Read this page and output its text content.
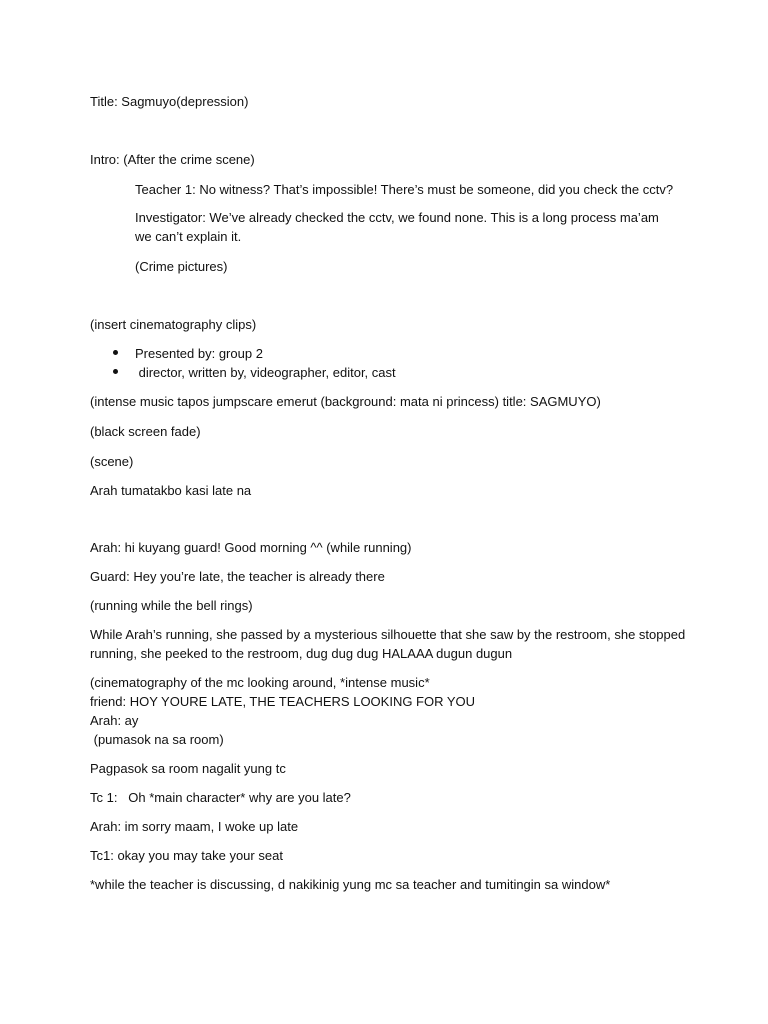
Title: Sagmuyo(depression)
Intro: (After the crime scene)
Teacher 1: No witness? That’s impossible! There’s must be someone, did you check the cctv?
Investigator: We’ve already checked the cctv, we found none. This is a long process ma’am we can’t explain it.
(Crime pictures)
(insert cinematography clips)
Presented by: group 2
director, written by, videographer, editor, cast
(intense music tapos jumpscare emerut (background: mata ni princess) title: SAGMUYO)
(black screen fade)
(scene)
Arah tumatakbo kasi late na
Arah: hi kuyang guard! Good morning ^^ (while running)
Guard: Hey you’re late, the teacher is already there
(running while the bell rings)
While Arah’s running, she passed by a mysterious silhouette that she saw by the restroom, she stopped
running, she peeked to the restroom, dug dug dug HALAAA dugun dugun
(cinematography of the mc looking around, *intense music*
friend: HOY YOURE LATE, THE TEACHERS LOOKING FOR YOU
Arah: ay
(pumasok na sa room)
Pagpasok sa room nagalit yung tc
Tc 1:   Oh *main character* why are you late?
Arah: im sorry maam, I woke up late
Tc1: okay you may take your seat
*while the teacher is discussing, d nakikinig yung mc sa teacher and tumitingin sa window*
